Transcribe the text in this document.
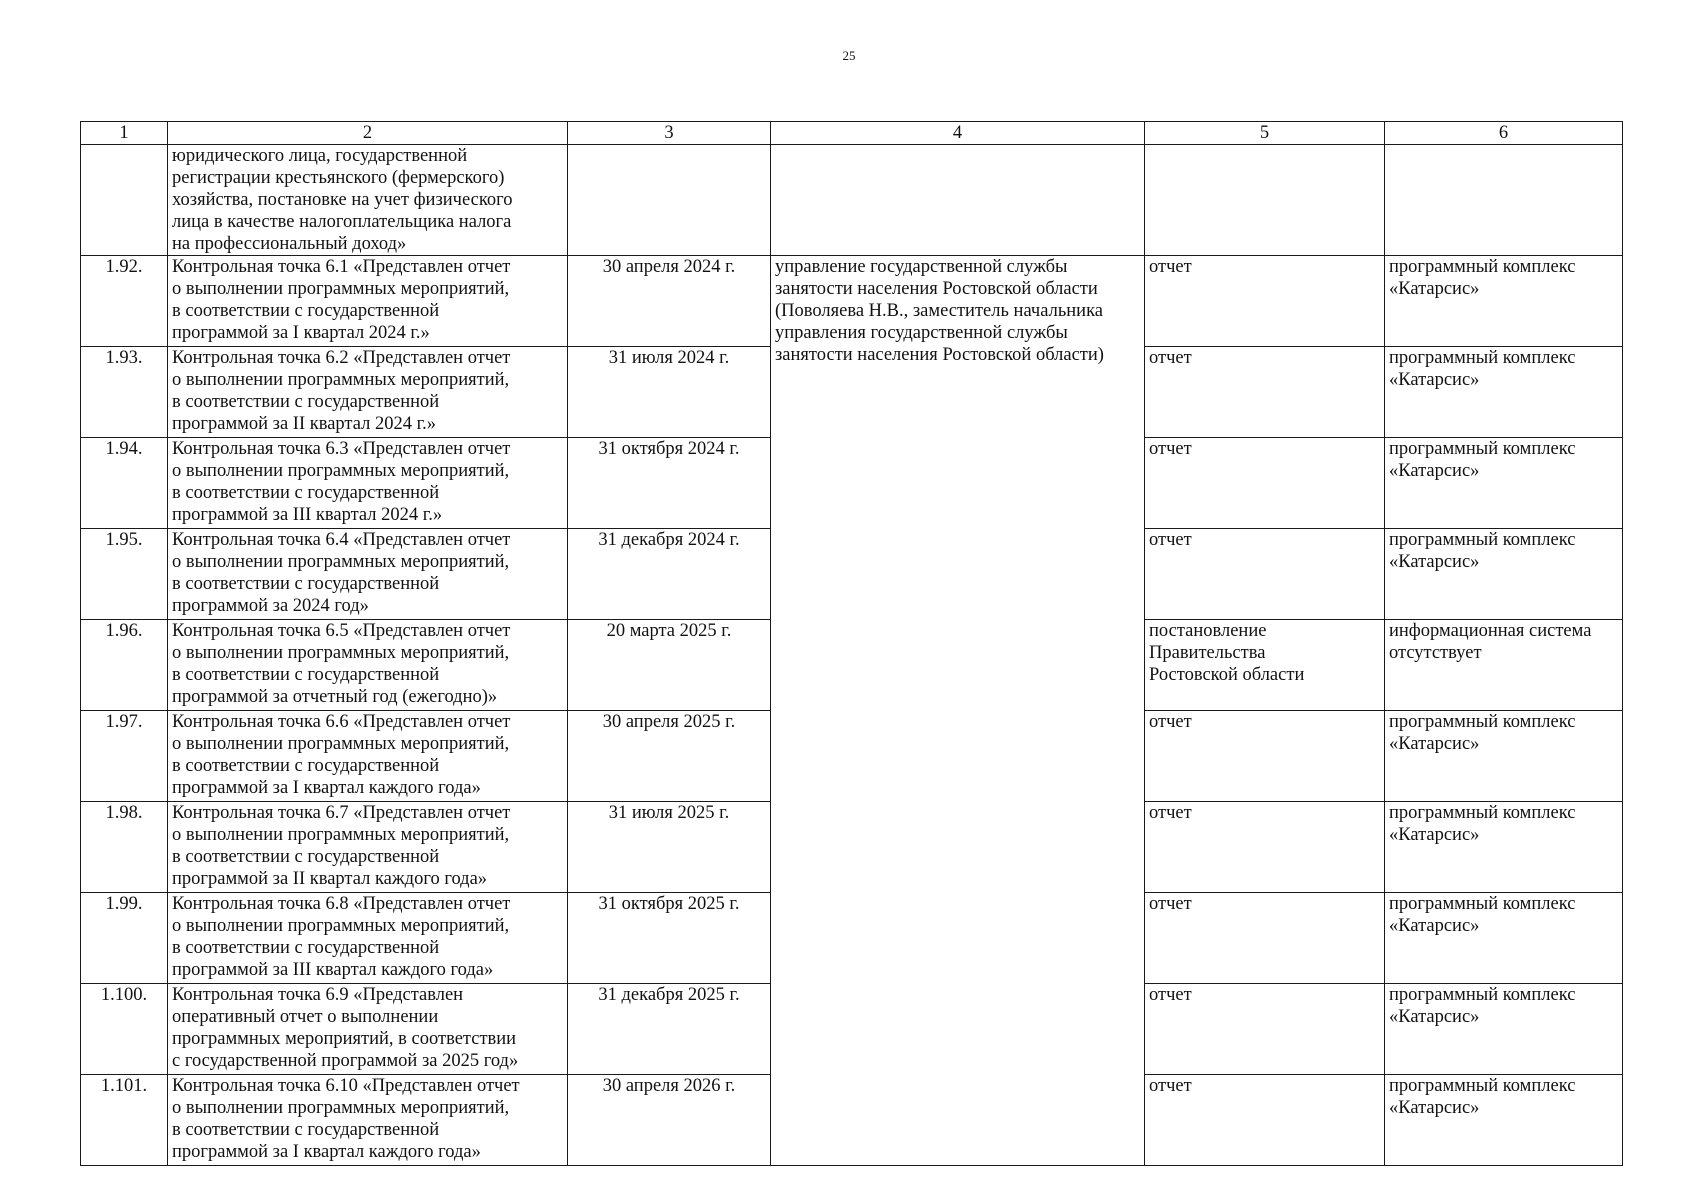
25
1	2	3	4	5	6
	юридического лица, государственной
регистрации крестьянского (фермерского)
хозяйства, постановке на учет физического
лица в качестве налогоплательщика налога
на профессиональный доход»				
1.92.	Контрольная точка 6.1 «Представлен отчет
о выполнении программных мероприятий,
в соответствии с государственной
программой за I квартал 2024 г.»	30 апреля 2024 г.	управление государственной службы
занятости населения Ростовской области
(Поволяева Н.В., заместитель начальника
управления государственной службы
занятости населения Ростовской области)	отчет	программный комплекс
«Катарсис»
1.93.	Контрольная точка 6.2 «Представлен отчет
о выполнении программных мероприятий,
в соответствии с государственной
программой за II квартал 2024 г.»	31 июля 2024 г.		отчет	программный комплекс
«Катарсис»
1.94.	Контрольная точка 6.3 «Представлен отчет
о выполнении программных мероприятий,
в соответствии с государственной
программой за III квартал 2024 г.»	31 октября 2024 г.		отчет	программный комплекс
«Катарсис»
1.95.	Контрольная точка 6.4 «Представлен отчет
о выполнении программных мероприятий,
в соответствии с государственной
программой за 2024 год»	31 декабря 2024 г.		отчет	программный комплекс
«Катарсис»
1.96.	Контрольная точка 6.5 «Представлен отчет
о выполнении программных мероприятий,
в соответствии с государственной
программой за отчетный год (ежегодно)»	20 марта 2025 г.		постановление
Правительства
Ростовской области	информационная система
отсутствует
1.97.	Контрольная точка 6.6 «Представлен отчет
о выполнении программных мероприятий,
в соответствии с государственной
программой за I квартал каждого года»	30 апреля 2025 г.		отчет	программный комплекс
«Катарсис»
1.98.	Контрольная точка 6.7 «Представлен отчет
о выполнении программных мероприятий,
в соответствии с государственной
программой за II квартал каждого года»	31 июля 2025 г.		отчет	программный комплекс
«Катарсис»
1.99.	Контрольная точка 6.8 «Представлен отчет
о выполнении программных мероприятий,
в соответствии с государственной
программой за III квартал каждого года»	31 октября 2025 г.		отчет	программный комплекс
«Катарсис»
1.100.	Контрольная точка 6.9 «Представлен
оперативный отчет о выполнении
программных мероприятий, в соответствии
с государственной программой за 2025 год»	31 декабря 2025 г.		отчет	программный комплекс
«Катарсис»
1.101.	Контрольная точка 6.10 «Представлен отчет
о выполнении программных мероприятий,
в соответствии с государственной
программой за I квартал каждого года»	30 апреля 2026 г.		отчет	программный комплекс
«Катарсис»
